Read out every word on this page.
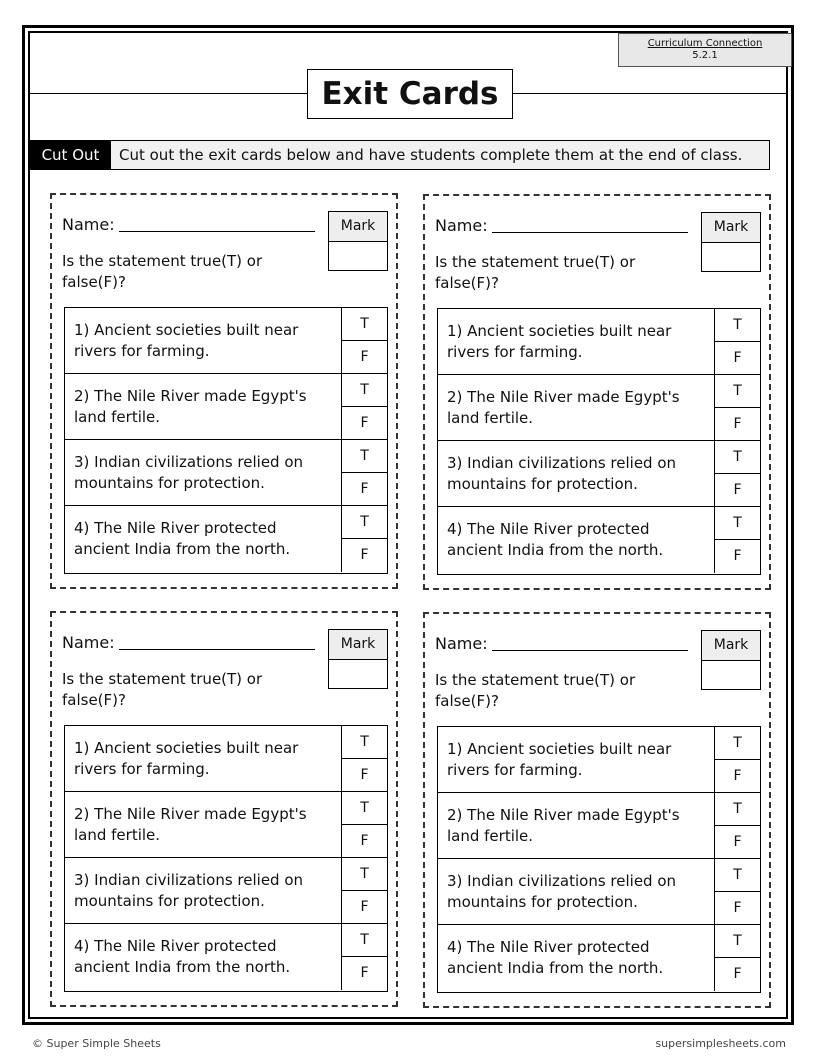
Curriculum Connection
5.2.1
Exit Cards
Cut Out	Cut out the exit cards below and have students complete them at the end of class.
Name:
Is the statement true(T) or false(F)?
Mark
1) Ancient societies built near rivers for farming.
T
F
2) The Nile River made Egypt's land fertile.
T
F
3) Indian civilizations relied on mountains for protection.
T
F
4) The Nile River protected ancient India from the north.
T
F
Name:
Is the statement true(T) or false(F)?
Mark
1) Ancient societies built near rivers for farming.
T
F
2) The Nile River made Egypt's land fertile.
T
F
3) Indian civilizations relied on mountains for protection.
T
F
4) The Nile River protected ancient India from the north.
T
F
Name:
Is the statement true(T) or false(F)?
Mark
1) Ancient societies built near rivers for farming.
T
F
2) The Nile River made Egypt's land fertile.
T
F
3) Indian civilizations relied on mountains for protection.
T
F
4) The Nile River protected ancient India from the north.
T
F
Name:
Is the statement true(T) or false(F)?
Mark
1) Ancient societies built near rivers for farming.
T
F
2) The Nile River made Egypt's land fertile.
T
F
3) Indian civilizations relied on mountains for protection.
T
F
4) The Nile River protected ancient India from the north.
T
F
© Super Simple Sheets	supersimplesheets.com
